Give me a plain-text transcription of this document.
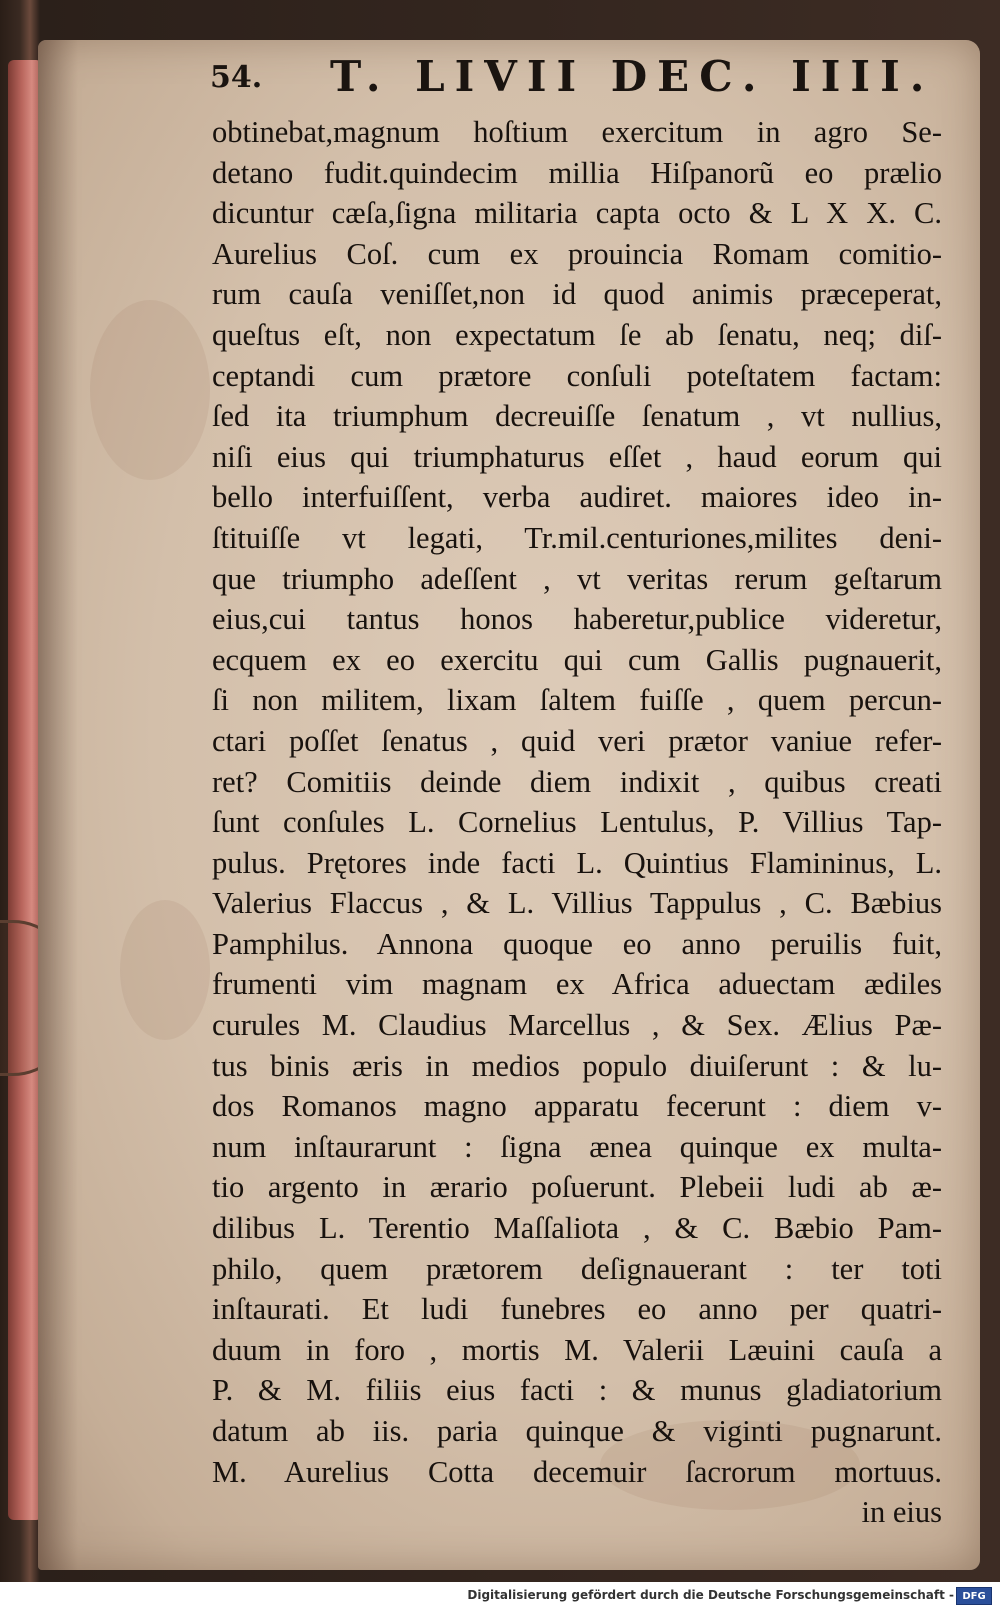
54. T. LIVII DEC. IIII.
obtinebat,magnum hoſtium exercitum in agro Se-
detano fudit.quindecim millia Hiſpanorũ eo prælio
dicuntur cæſa,ſigna militaria capta octo & L X X. C.
Aurelius Coſ. cum ex prouincia Romam comitio-
rum cauſa veniſſet,non id quod animis præceperat,
queſtus eſt, non expectatum ſe ab ſenatu, neq; diſ-
ceptandi cum prætore conſuli poteſtatem factam:
ſed ita triumphum decreuiſſe ſenatum , vt nullius,
niſi eius qui triumphaturus eſſet , haud eorum qui
bello interfuiſſent, verba audiret. maiores ideo in-
ſtituiſſe vt legati, Tr.mil.centuriones,milites deni-
que triumpho adeſſent , vt veritas rerum geſtarum
eius,cui tantus honos haberetur,publice videretur,
ecquem ex eo exercitu qui cum Gallis pugnauerit,
ſi non militem, lixam ſaltem fuiſſe , quem percun-
ctari poſſet ſenatus , quid veri prætor vaniue refer-
ret? Comitiis deinde diem indixit , quibus creati
ſunt conſules L. Cornelius Lentulus, P. Villius Tap-
pulus. Prętores inde facti L. Quintius Flamininus, L.
Valerius Flaccus , & L. Villius Tappulus , C. Bæbius
Pamphilus. Annona quoque eo anno peruilis fuit,
frumenti vim magnam ex Africa aduectam ædiles
curules M. Claudius Marcellus , & Sex. Ælius Pæ-
tus binis æris in medios populo diuiſerunt : & lu-
dos Romanos magno apparatu fecerunt : diem v-
num inſtaurarunt : ſigna ænea quinque ex multa-
tio argento in ærario poſuerunt. Plebeii ludi ab æ-
dilibus L. Terentio Maſſaliota , & C. Bæbio Pam-
philo, quem prætorem deſignauerant : ter toti
inſtaurati. Et ludi funebres eo anno per quatri-
duum in foro , mortis M. Valerii Læuini cauſa a
P. & M. filiis eius facti : & munus gladiatorium
datum ab iis. paria quinque & viginti pugnarunt.
M. Aurelius Cotta decemuir ſacrorum mortuus.
in eius
Digitalisierung gefördert durch die Deutsche Forschungsgemeinschaft - DFG
